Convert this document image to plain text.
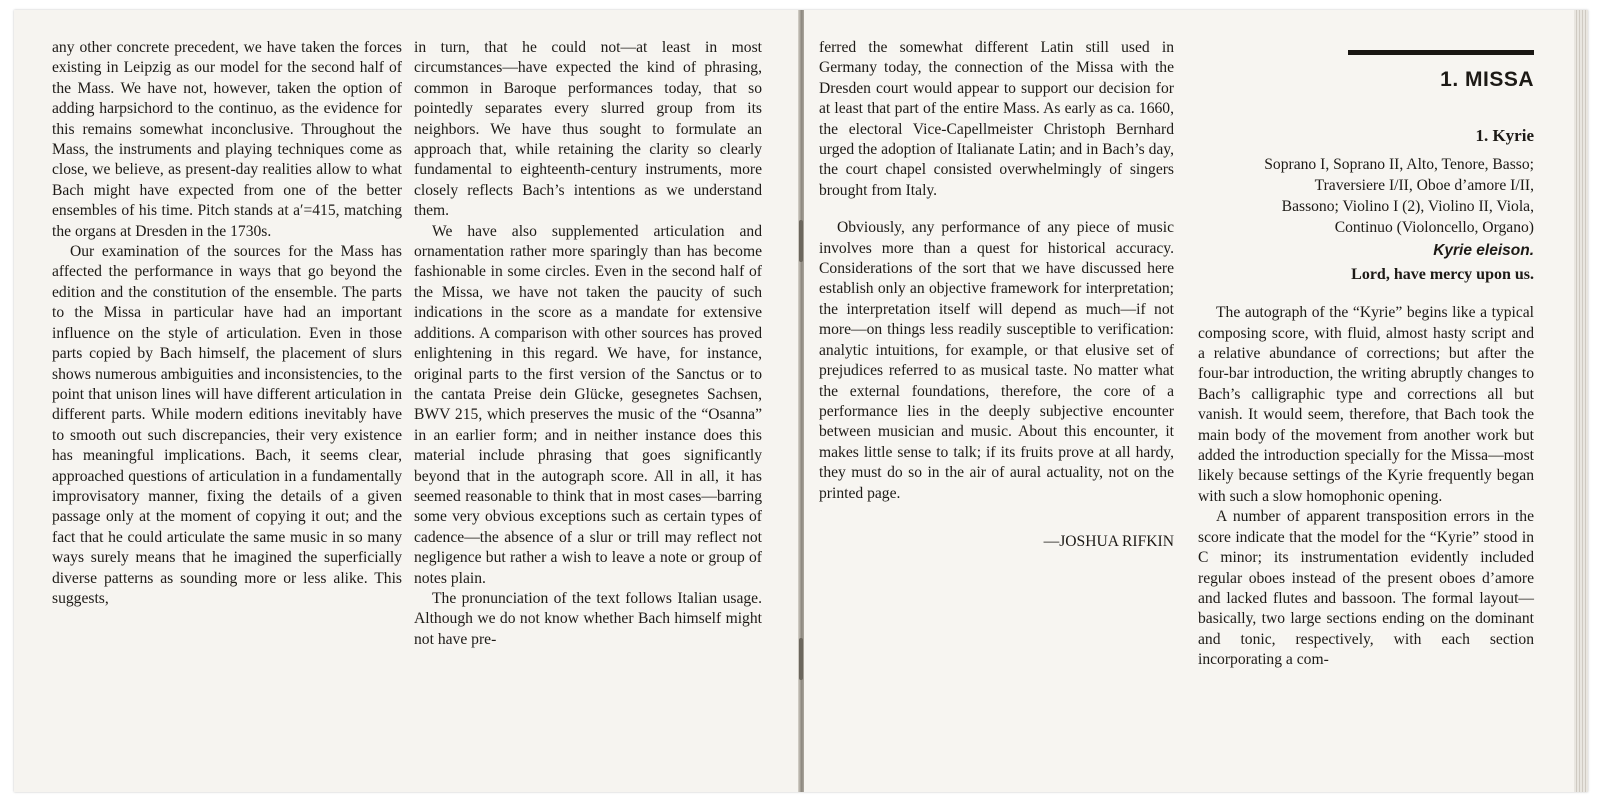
any other concrete precedent, we have taken the forces existing in Leipzig as our model for the second half of the Mass. We have not, however, taken the option of adding harpsichord to the continuo, as the evidence for this remains somewhat inconclusive. Throughout the Mass, the instruments and playing techniques come as close, we believe, as present-day realities allow to what Bach might have expected from one of the better ensembles of his time. Pitch stands at a′=415, matching the organs at Dresden in the 1730s.

Our examination of the sources for the Mass has affected the performance in ways that go beyond the edition and the constitution of the ensemble. The parts to the Missa in particular have had an important influence on the style of articulation. Even in those parts copied by Bach himself, the placement of slurs shows numerous ambiguities and inconsistencies, to the point that unison lines will have different articulation in different parts. While modern editions inevitably have to smooth out such discrepancies, their very existence has meaningful implications. Bach, it seems clear, approached questions of articulation in a fundamentally improvisatory manner, fixing the details of a given passage only at the moment of copying it out; and the fact that he could articulate the same music in so many ways surely means that he imagined the superficially diverse patterns as sounding more or less alike. This suggests,

in turn, that he could not—at least in most circumstances—have expected the kind of phrasing, common in Baroque performances today, that so pointedly separates every slurred group from its neighbors. We have thus sought to formulate an approach that, while retaining the clarity so clearly fundamental to eighteenth-century instruments, more closely reflects Bach’s intentions as we understand them.

We have also supplemented articulation and ornamentation rather more sparingly than has become fashionable in some circles. Even in the second half of the Missa, we have not taken the paucity of such indications in the score as a mandate for extensive additions. A comparison with other sources has proved enlightening in this regard. We have, for instance, original parts to the first version of the Sanctus or to the cantata Preise dein Glücke, gesegnetes Sachsen, BWV 215, which preserves the music of the “Osanna” in an earlier form; and in neither instance does this material include phrasing that goes significantly beyond that in the autograph score. All in all, it has seemed reasonable to think that in most cases—barring some very obvious exceptions such as certain types of cadence—the absence of a slur or trill may reflect not negligence but rather a wish to leave a note or group of notes plain.

The pronunciation of the text follows Italian usage. Although we do not know whether Bach himself might not have pre-

ferred the somewhat different Latin still used in Germany today, the connection of the Missa with the Dresden court would appear to support our decision for at least that part of the entire Mass. As early as ca. 1660, the electoral Vice-Capellmeister Christoph Bernhard urged the adoption of Italianate Latin; and in Bach’s day, the court chapel consisted overwhelmingly of singers brought from Italy.

Obviously, any performance of any piece of music involves more than a quest for historical accuracy. Considerations of the sort that we have discussed here establish only an objective framework for interpretation; the interpretation itself will depend as much—if not more—on things less readily susceptible to verification: analytic intuitions, for example, or that elusive set of prejudices referred to as musical taste. No matter what the external foundations, therefore, the core of a performance lies in the deeply subjective encounter between musician and music. About this encounter, it makes little sense to talk; if its fruits prove at all hardy, they must do so in the air of aural actuality, not on the printed page.

—JOSHUA RIFKIN

1. MISSA

1. Kyrie

Soprano I, Soprano II, Alto, Tenore, Basso;

Traversiere I/II, Oboe d’amore I/II,

Bassono; Violino I (2), Violino II, Viola,

Continuo (Violoncello, Organo)

Kyrie eleison.

Lord, have mercy upon us.

The autograph of the “Kyrie” begins like a typical composing score, with fluid, almost hasty script and a relative abundance of corrections; but after the four-bar introduction, the writing abruptly changes to Bach’s calligraphic type and corrections all but vanish. It would seem, therefore, that Bach took the main body of the movement from another work but added the introduction specially for the Missa—most likely because settings of the Kyrie frequently began with such a slow homophonic opening.

A number of apparent transposition errors in the score indicate that the model for the “Kyrie” stood in C minor; its instrumentation evidently included regular oboes instead of the present oboes d’amore and lacked flutes and bassoon. The formal layout—basically, two large sections ending on the dominant and tonic, respectively, with each section incorporating a com-
